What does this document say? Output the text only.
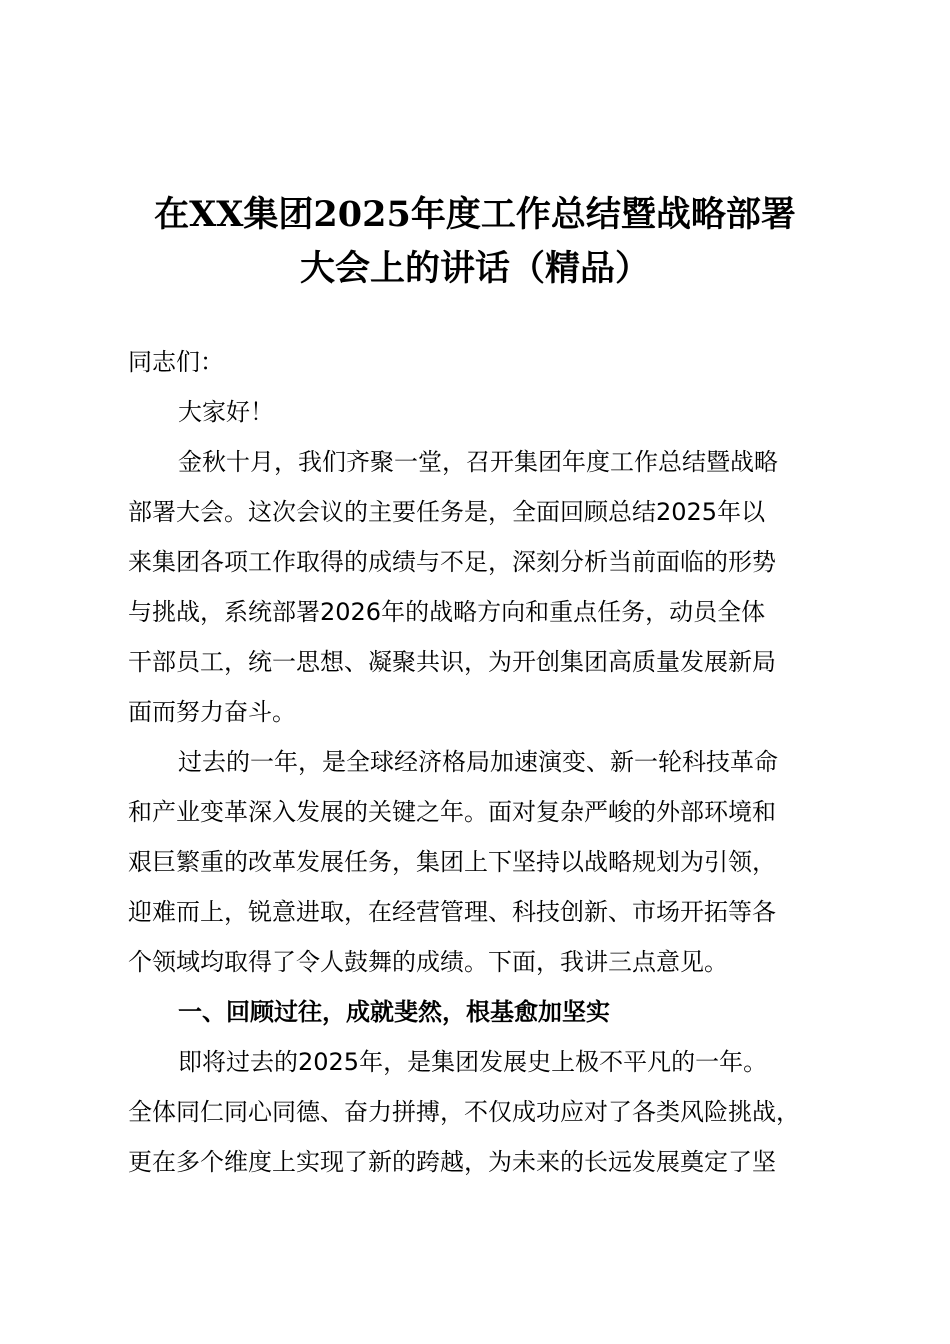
在XX集团2025年度工作总结暨战略部署
大会上的讲话（精品）
同志们：
大家好！
金秋十月，我们齐聚一堂，召开集团年度工作总结暨战略
部署大会。这次会议的主要任务是，全面回顾总结2025年以
来集团各项工作取得的成绩与不足，深刻分析当前面临的形势
与挑战，系统部署2026年的战略方向和重点任务，动员全体
干部员工，统一思想、凝聚共识，为开创集团高质量发展新局
面而努力奋斗。
过去的一年，是全球经济格局加速演变、新一轮科技革命
和产业变革深入发展的关键之年。面对复杂严峻的外部环境和
艰巨繁重的改革发展任务，集团上下坚持以战略规划为引领，
迎难而上，锐意进取，在经营管理、科技创新、市场开拓等各
个领域均取得了令人鼓舞的成绩。下面，我讲三点意见。
一、回顾过往，成就斐然，根基愈加坚实
即将过去的2025年，是集团发展史上极不平凡的一年。
全体同仁同心同德、奋力拼搏，不仅成功应对了各类风险挑战，
更在多个维度上实现了新的跨越，为未来的长远发展奠定了坚
